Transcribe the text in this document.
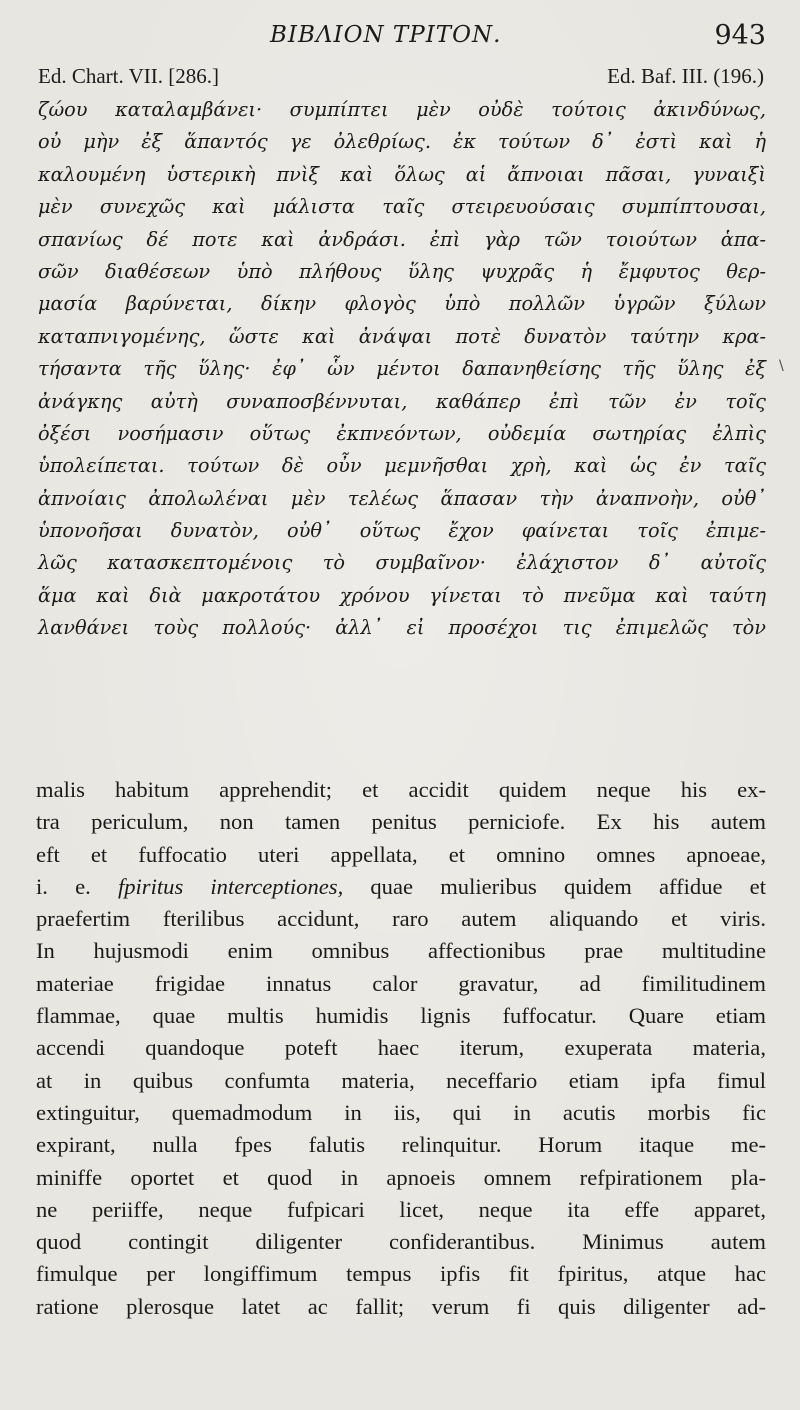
ΒΙΒΛΙΟΝ ΤΡΙΤΟΝ.	943
Ed. Chart. VII. [286.]	Ed. Baf. III. (196.)
ζώου καταλαμβάνει· συμπίπτει μὲν οὐδὲ τούτοις ἀκινδύνως,
οὐ μὴν ἐξ ἅπαντός γε ὀλεθρίως. ἐκ τούτων δ᾽ ἐστὶ καὶ ἡ
καλουμένη ὑστερικὴ πνὶξ καὶ ὅλως αἱ ἄπνοιαι πᾶσαι, γυναιξὶ
μὲν συνεχῶς καὶ μάλιστα ταῖς στειρευούσαις συμπίπτουσαι,
σπανίως δέ ποτε καὶ ἀνδράσι. ἐπὶ γὰρ τῶν τοιούτων ἁπα-
σῶν διαθέσεων ὑπὸ πλήθους ὕλης ψυχρᾶς ἡ ἔμφυτος θερ-
μασία βαρύνεται, δίκην φλογὸς ὑπὸ πολλῶν ὑγρῶν ξύλων
καταπνιγομένης, ὥστε καὶ ἀνάψαι ποτὲ δυνατὸν ταύτην κρα-
τήσαντα τῆς ὕλης· ἐφ᾽ ὧν μέντοι δαπανηθείσης τῆς ὕλης ἐξ
ἀνάγκης αὐτὴ συναποσβέννυται, καθάπερ ἐπὶ τῶν ἐν τοῖς
ὀξέσι νοσήμασιν οὕτως ἐκπνεόντων, οὐδεμία σωτηρίας ἐλπὶς
ὑπολείπεται. τούτων δὲ οὖν μεμνῆσθαι χρὴ, καὶ ὡς ἐν ταῖς
ἀπνοίαις ἀπολωλέναι μὲν τελέως ἅπασαν τὴν ἀναπνοὴν, οὐθ᾽
ὑπονοῆσαι δυνατὸν, οὐθ᾽ οὕτως ἔχον φαίνεται τοῖς ἐπιμε-
λῶς κατασκεπτομένοις τὸ συμβαῖνον· ἐλάχιστον δ᾽ αὐτοῖς
ἅμα καὶ διὰ μακροτάτου χρόνου γίνεται τὸ πνεῦμα καὶ ταύτη
λανθάνει τοὺς πολλούς· ἀλλ᾽ εἰ προσέχοι τις ἐπιμελῶς τὸν
\
malis habitum apprehendit; et accidit quidem neque his ex-
tra periculum, non tamen penitus perniciofe. Ex his autem
eft et fuffocatio uteri appellata, et omnino omnes apnoeae,
i. e. fpiritus interceptiones, quae mulieribus quidem affidue et
praefertim fterilibus accidunt, raro autem aliquando et viris.
In hujusmodi enim omnibus affectionibus prae multitudine
materiae frigidae innatus calor gravatur, ad fimilitudinem
flammae, quae multis humidis lignis fuffocatur. Quare etiam
accendi quandoque poteft haec iterum, exuperata materia,
at in quibus confumta materia, neceffario etiam ipfa fimul
extinguitur, quemadmodum in iis, qui in acutis morbis fic
expirant, nulla fpes falutis relinquitur. Horum itaque me-
miniffe oportet et quod in apnoeis omnem refpirationem pla-
ne periiffe, neque fufpicari licet, neque ita effe apparet,
quod contingit diligenter confiderantibus. Minimus autem
fimulque per longiffimum tempus ipfis fit fpiritus, atque hac
ratione plerosque latet ac fallit; verum fi quis diligenter ad-
